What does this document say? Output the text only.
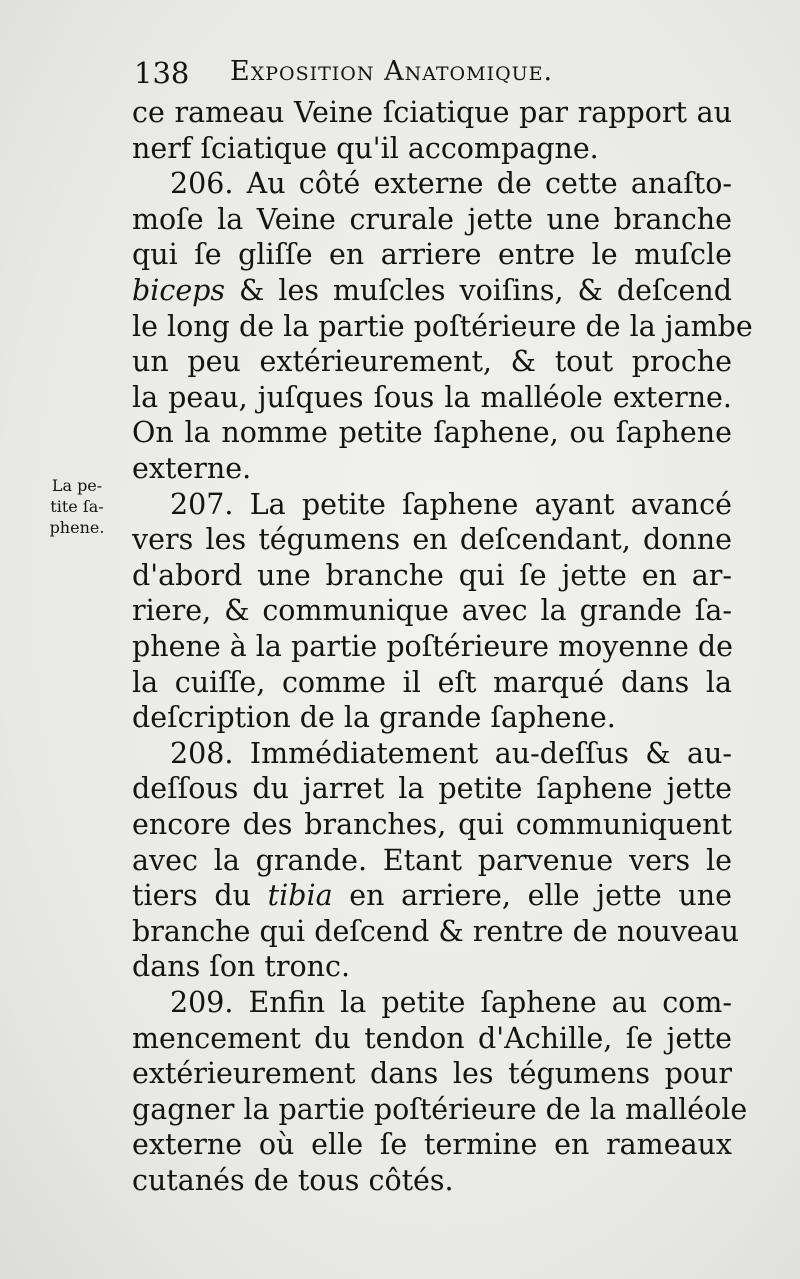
138 Exposition Anatomique.
La pe-
tite ſa-
phene.
ce rameau Veine ſciatique par rapport au
nerf ſciatique qu'il accompagne.
206. Au côté externe de cette anaſto-
moſe la Veine crurale jette une branche
qui ſe gliſſe en arriere entre le muſcle
biceps & les muſcles voiſins, & deſcend
le long de la partie poſtérieure de la jambe
un peu extérieurement, & tout proche
la peau, juſques ſous la malléole externe.
On la nomme petite ſaphene, ou ſaphene
externe.
207. La petite ſaphene ayant avancé
vers les tégumens en deſcendant, donne
d'abord une branche qui ſe jette en ar-
riere, & communique avec la grande ſa-
phene à la partie poſtérieure moyenne de
la cuiſſe, comme il eſt marqué dans la
deſcription de la grande ſaphene.
208. Immédiatement au-deſſus & au-
deſſous du jarret la petite ſaphene jette
encore des branches, qui communiquent
avec la grande. Etant parvenue vers le
tiers du tibia en arriere, elle jette une
branche qui deſcend & rentre de nouveau
dans ſon tronc.
209. Enfin la petite ſaphene au com-
mencement du tendon d'Achille, ſe jette
extérieurement dans les tégumens pour
gagner la partie poſtérieure de la malléole
externe où elle ſe termine en rameaux
cutanés de tous côtés.
